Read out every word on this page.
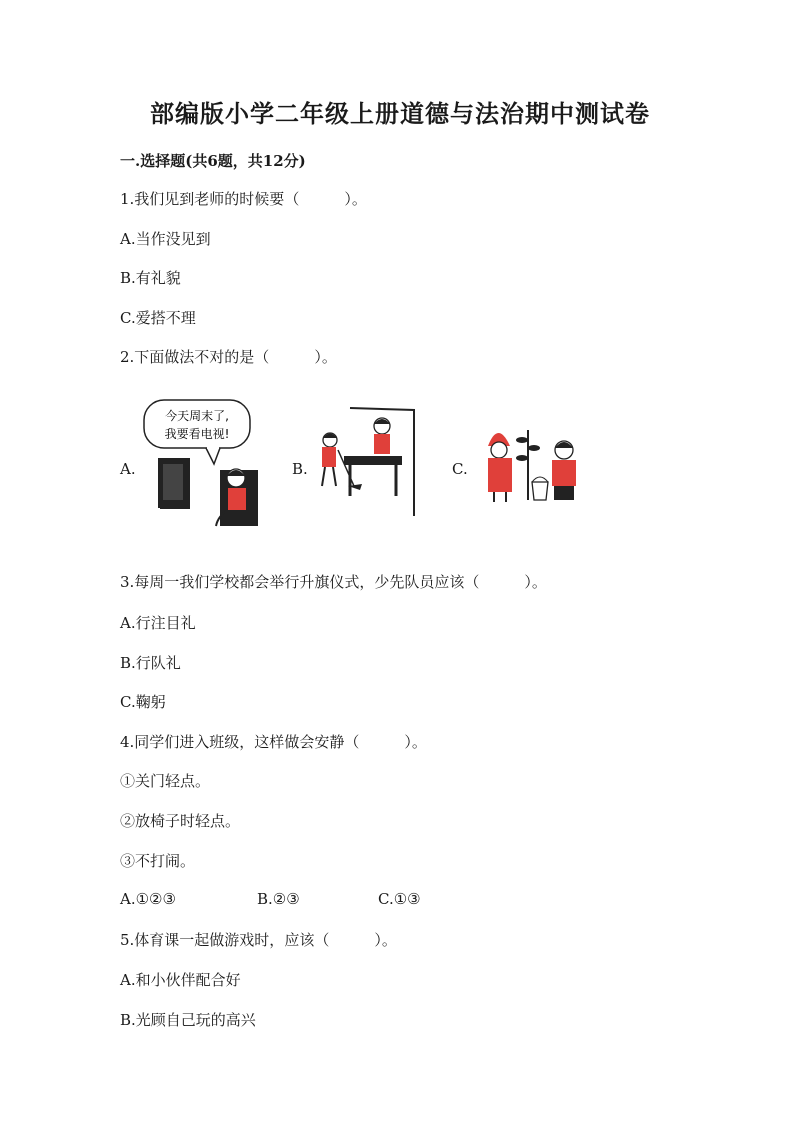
部编版小学二年级上册道德与法治期中测试卷
一.选择题(共6题，共12分)
1.我们见到老师的时候要（　　　）。
A.当作没见到
B.有礼貌
C.爱搭不理
2.下面做法不对的是（　　　）。
A.
今天周末了,
我要看电视!
B.	C.
3.每周一我们学校都会举行升旗仪式，少先队员应该（　　　）。
A.行注目礼
B.行队礼
C.鞠躬
4.同学们进入班级，这样做会安静（　　　）。
①关门轻点。
②放椅子时轻点。
③不打闹。
A.①②③	B.②③	C.①③
5.体育课一起做游戏时，应该（　　　）。
A.和小伙伴配合好
B.光顾自己玩的高兴
